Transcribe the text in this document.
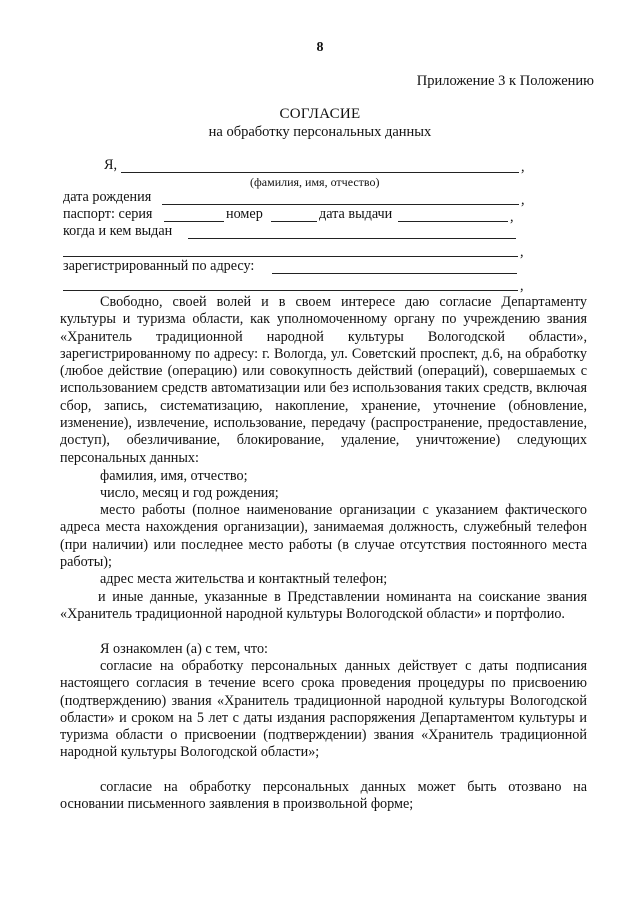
8
Приложение 3 к Положению
СОГЛАСИЕ
на обработку персональных данных
Я,	,
(фамилия, имя, отчество)
дата рождения	,
паспорт: серия	номер	дата выдачи	,
когда и кем выдан
,
зарегистрированный по адресу:
,

Свободно, своей волей и в своем интересе даю согласие Департаменту культуры и туризма области, как уполномоченному органу по учреждению звания «Хранитель традиционной народной культуры Вологодской области», зарегистрированному по адресу: г. Вологда, ул. Советский проспект, д.6, на обработку (любое действие (операцию) или совокупность действий (операций), совершаемых с использованием средств автоматизации или без использования таких средств, включая сбор, запись, систематизацию, накопление, хранение, уточнение (обновление, изменение), извлечение, использование, передачу (распространение, предоставление, доступ), обезличивание, блокирование, удаление, уничтожение) следующих персональных данных:

фамилия, имя, отчество;

число, месяц и год рождения;

место работы (полное наименование организации с указанием фактического адреса места нахождения организации), занимаемая должность, служебный телефон (при наличии) или последнее место работы (в случае отсутствия постоянного места работы);

адрес места жительства и контактный телефон;

и иные данные, указанные в Представлении номинанта на соискание звания «Хранитель традиционной народной культуры Вологодской области» и портфолио.

Я ознакомлен (а) с тем, что:

согласие на обработку персональных данных действует с даты подписания настоящего согласия в течение всего срока проведения процедуры по присвоению (подтверждению) звания «Хранитель традиционной народной культуры Вологодской области» и сроком на 5 лет с даты издания распоряжения Департаментом культуры и туризма области о присвоении (подтверждении) звания «Хранитель традиционной народной культуры Вологодской области»;

согласие на обработку персональных данных может быть отозвано на основании письменного заявления в произвольной форме;
